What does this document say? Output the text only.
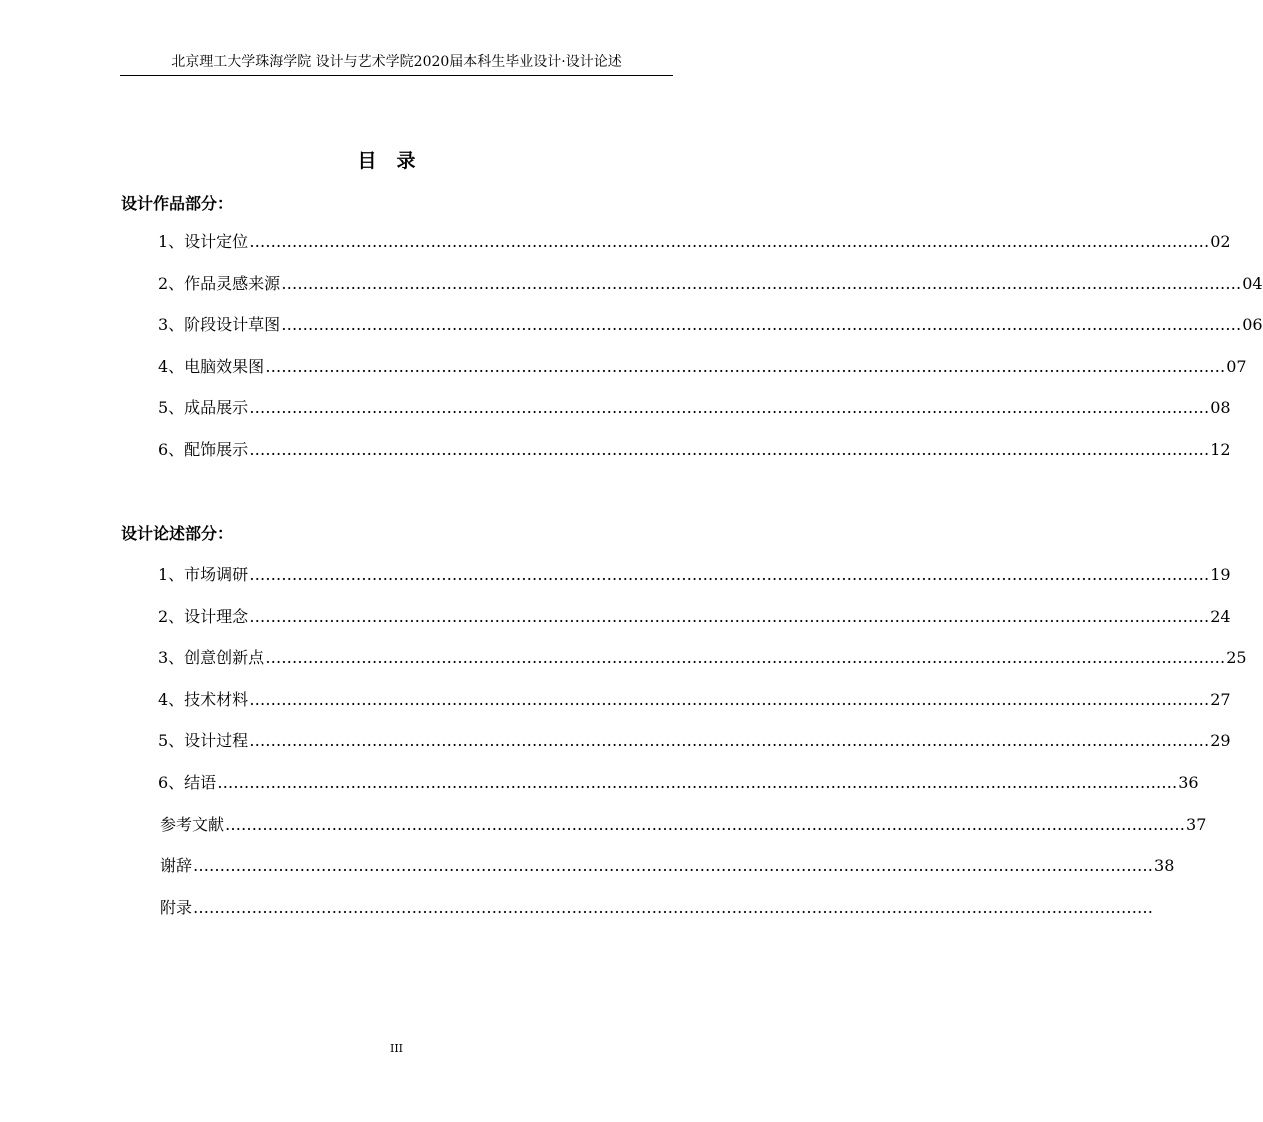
北京理工大学珠海学院 设计与艺术学院2020届本科生毕业设计·设计论述
目录
设计作品部分：
1、设计定位 ……………………………………………………………………………………………………………………………………………………………… 02
2、作品灵感来源 ……………………………………………………………………………………………………………………………………………………………… 04
3、阶段设计草图 ……………………………………………………………………………………………………………………………………………………………… 06
4、电脑效果图 ……………………………………………………………………………………………………………………………………………………………… 07
5、成品展示 ……………………………………………………………………………………………………………………………………………………………… 08
6、配饰展示 ……………………………………………………………………………………………………………………………………………………………… 12
设计论述部分：
1、市场调研 ……………………………………………………………………………………………………………………………………………………………… 19
2、设计理念 ……………………………………………………………………………………………………………………………………………………………… 24
3、创意创新点 ……………………………………………………………………………………………………………………………………………………………… 25
4、技术材料 ……………………………………………………………………………………………………………………………………………………………… 27
5、设计过程 ……………………………………………………………………………………………………………………………………………………………… 29
6、结语 ……………………………………………………………………………………………………………………………………………………………… 36
参考文献 ……………………………………………………………………………………………………………………………………………………………… 37
谢辞 ……………………………………………………………………………………………………………………………………………………………… 38
附录 ………………………………………………………………………………………………………………………………………………………………
III
